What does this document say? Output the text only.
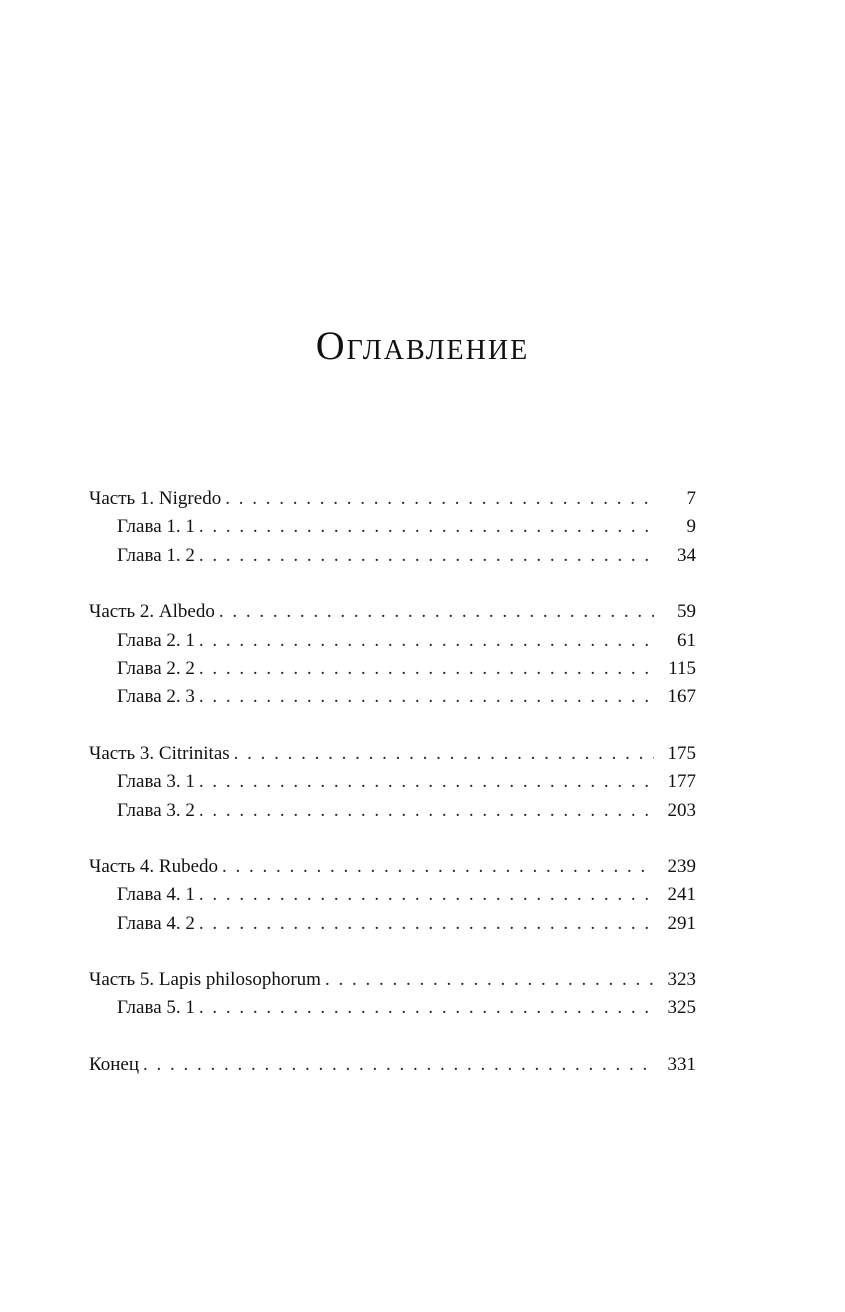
Оглавление
Часть 1. Nigredo . . .	7
Глава 1. 1 . . .	9
Глава 1. 2 . . .	34
Часть 2. Albedo . . .	59
Глава 2. 1 . . .	61
Глава 2. 2 . . .	115
Глава 2. 3 . . .	167
Часть 3. Citrinitas . . .	175
Глава 3. 1 . . .	177
Глава 3. 2 . . .	203
Часть 4. Rubedo . . .	239
Глава 4. 1 . . .	241
Глава 4. 2 . . .	291
Часть 5. Lapis philosophorum . . .	323
Глава 5. 1 . . .	325
Конец . . .	331
